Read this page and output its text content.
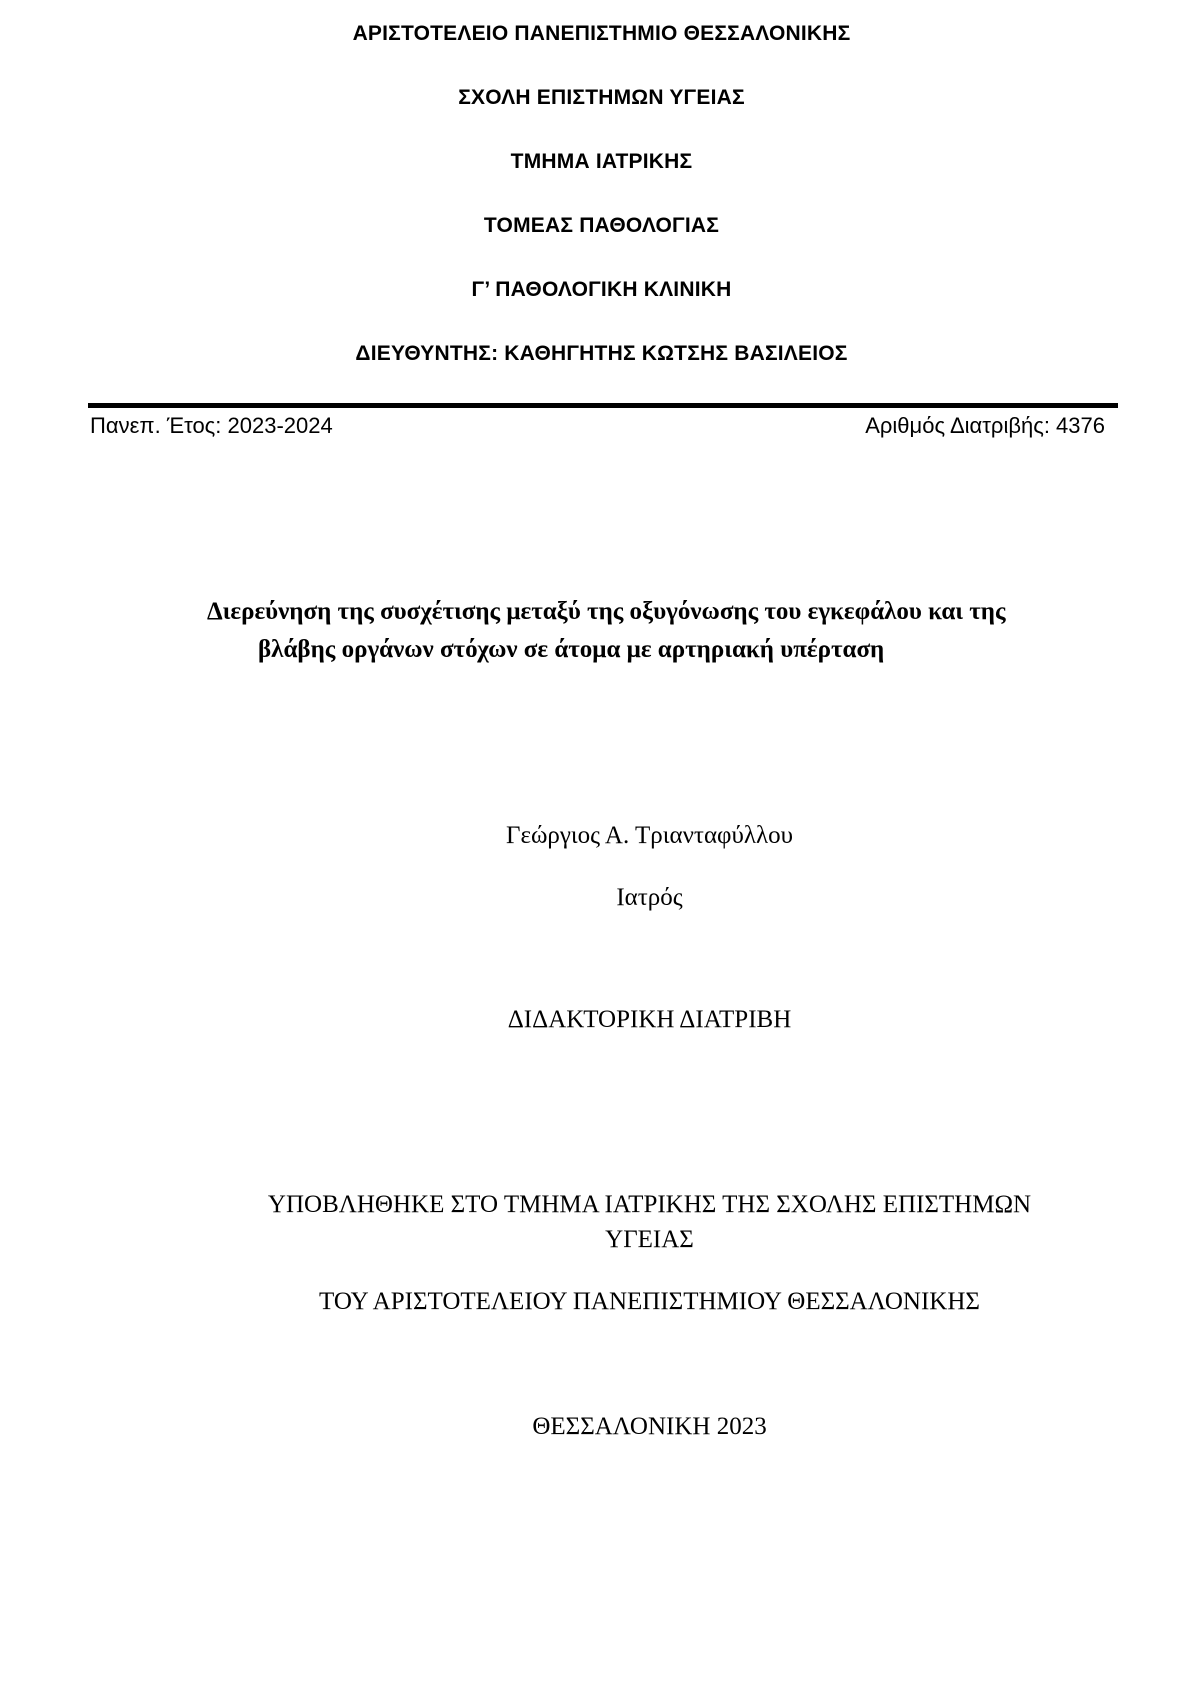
ΑΡΙΣΤΟΤΕΛΕΙΟ ΠΑΝΕΠΙΣΤΗΜΙΟ ΘΕΣΣΑΛΟΝΙΚΗΣ
ΣΧΟΛΗ ΕΠΙΣΤΗΜΩΝ ΥΓΕΙΑΣ
ΤΜΗΜΑ ΙΑΤΡΙΚΗΣ
ΤΟΜΕΑΣ ΠΑΘΟΛΟΓΙΑΣ
Γ’ ΠΑΘΟΛΟΓΙΚΗ ΚΛΙΝΙΚΗ
ΔΙΕΥΘΥΝΤΗΣ: ΚΑΘΗΓΗΤΗΣ ΚΩΤΣΗΣ ΒΑΣΙΛΕΙΟΣ
Πανεπ. Έτος: 2023-2024	Αριθμός Διατριβής: 4376
Διερεύνηση της συσχέτισης μεταξύ της οξυγόνωσης του εγκεφάλου και της
βλάβης οργάνων στόχων σε άτομα με αρτηριακή υπέρταση
Γεώργιος Α. Τριανταφύλλου
Ιατρός
ΔΙΔΑΚΤΟΡΙΚΗ ΔΙΑΤΡΙΒΗ
ΥΠΟΒΛΗΘΗΚΕ ΣΤΟ ΤΜΗΜΑ ΙΑΤΡΙΚΗΣ ΤΗΣ ΣΧΟΛΗΣ ΕΠΙΣΤΗΜΩΝ
ΥΓΕΙΑΣ
ΤΟΥ ΑΡΙΣΤΟΤΕΛΕΙΟΥ ΠΑΝΕΠΙΣΤΗΜΙΟΥ ΘΕΣΣΑΛΟΝΙΚΗΣ
ΘΕΣΣΑΛΟΝΙΚΗ 2023
